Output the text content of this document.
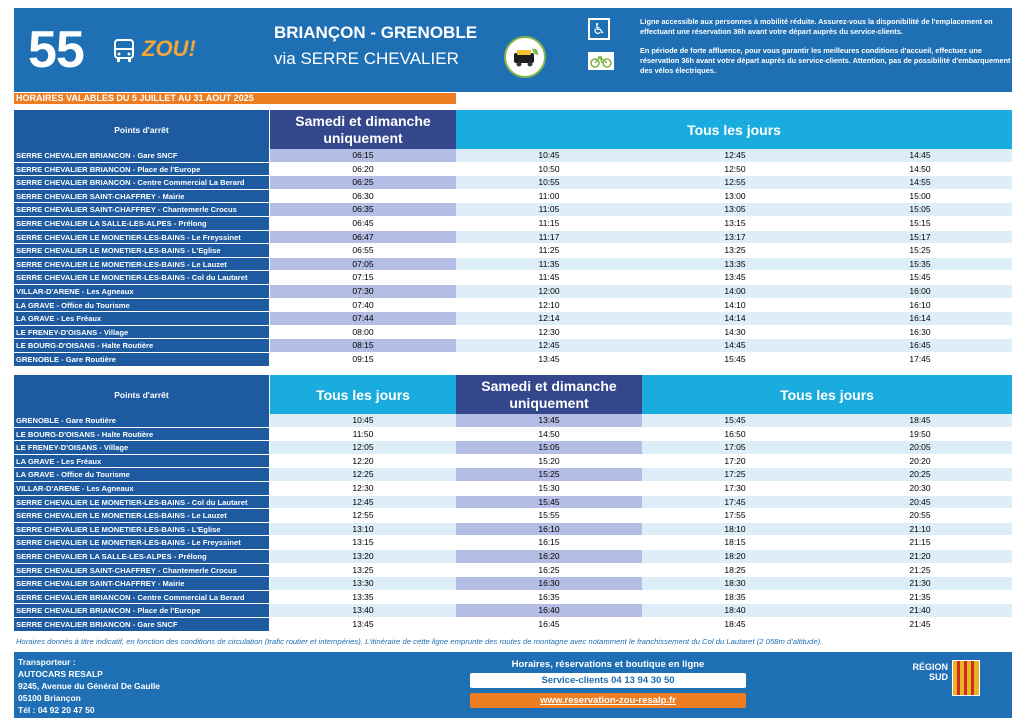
55	ZOU!
BRIANÇON - GRENOBLE
via SERRE CHEVALIER
♿	Ligne accessible aux personnes à mobilité réduite. Assurez-vous la disponibilité de l'emplacement en effectuant une réservation 36h avant votre départ auprès du service-clients.

En période de forte affluence, pour vous garantir les meilleures conditions d'accueil, effectuez une réservation 36h avant votre départ auprès du service-clients. Attention, pas de possibilité d'embarquement des vélos électriques.

HORAIRES VALABLES DU 5 JUILLET AU 31 AOUT 2025
Points d'arrêt
Samedi et dimanche uniquement	Tous les jours
SERRE CHEVALIER BRIANCON - Gare SNCF	06:15	10:45	12:45	14:45
SERRE CHEVALIER BRIANCON - Place de l'Europe	06:20	10:50	12:50	14:50
SERRE CHEVALIER BRIANCON - Centre Commercial La Berard	06:25	10:55	12:55	14:55
SERRE CHEVALIER SAINT-CHAFFREY - Mairie	06:30	11:00	13:00	15:00
SERRE CHEVALIER SAINT-CHAFFREY - Chantemerle Crocus	06:35	11:05	13:05	15:05
SERRE CHEVALIER LA SALLE-LES-ALPES - Prélong	06:45	11:15	13:15	15:15
SERRE CHEVALIER LE MONETIER-LES-BAINS - Le Freyssinet	06:47	11:17	13:17	15:17
SERRE CHEVALIER LE MONETIER-LES-BAINS - L'Eglise	06:55	11:25	13:25	15:25
SERRE CHEVALIER LE MONETIER-LES-BAINS - Le Lauzet	07:05	11:35	13:35	15:35
SERRE CHEVALIER LE MONETIER-LES-BAINS - Col du Lautaret	07:15	11:45	13:45	15:45
VILLAR-D'ARENE - Les Agneaux	07:30	12:00	14:00	16:00
LA GRAVE - Office du Tourisme	07:40	12:10	14:10	16:10
LA GRAVE - Les Fréaux	07:44	12:14	14:14	16:14
LE FRENEY-D'OISANS - Village	08:00	12:30	14:30	16:30
LE BOURG-D'OISANS - Halte Routière	08:15	12:45	14:45	16:45
GRENOBLE - Gare Routière	09:15	13:45	15:45	17:45
Points d'arrêt	Tous les jours
Samedi et dimanche uniquement	Tous les jours
GRENOBLE - Gare Routière	10:45	13:45	15:45	18:45
LE BOURG-D'OISANS - Halte Routière	11:50	14:50	16:50	19:50
LE FRENEY-D'OISANS - Village	12:05	15:05	17:05	20:05
LA GRAVE - Les Fréaux	12:20	15:20	17:20	20:20
LA GRAVE - Office du Tourisme	12:25	15:25	17:25	20:25
VILLAR-D'ARENE - Les Agneaux	12:30	15:30	17:30	20:30
SERRE CHEVALIER LE MONETIER-LES-BAINS - Col du Lautaret	12:45	15:45	17:45	20:45
SERRE CHEVALIER LE MONETIER-LES-BAINS - Le Lauzet	12:55	15:55	17:55	20:55
SERRE CHEVALIER LE MONETIER-LES-BAINS - L'Eglise	13:10	16:10	18:10	21:10
SERRE CHEVALIER LE MONETIER-LES-BAINS - Le Freyssinet	13:15	16:15	18:15	21:15
SERRE CHEVALIER LA SALLE-LES-ALPES - Prélong	13:20	16:20	18:20	21:20
SERRE CHEVALIER SAINT-CHAFFREY - Chantemerle Crocus	13:25	16:25	18:25	21:25
SERRE CHEVALIER SAINT-CHAFFREY - Mairie	13:30	16:30	18:30	21:30
SERRE CHEVALIER BRIANCON - Centre Commercial La Berard	13:35	16:35	18:35	21:35
SERRE CHEVALIER BRIANCON - Place de l'Europe	13:40	16:40	18:40	21:40
SERRE CHEVALIER BRIANCON - Gare SNCF	13:45	16:45	18:45	21:45
Horaires donnés à titre indicatif, en fonction des conditions de circulation (trafic routier et intempéries). L'itinéraire de cette ligne emprunte des routes de montagne avec notamment le franchissement du Col du Lautaret (2 058m d'altitude).
Transporteur :
AUTOCARS RESALP
9245, Avenue du Général De Gaulle
05100 Briançon
Tél : 04 92 20 47 50
Horaires, réservations et boutique en ligne
Service-clients 04 13 94 30 50
www.reservation-zou-resalp.fr
RÉGION
SUD
